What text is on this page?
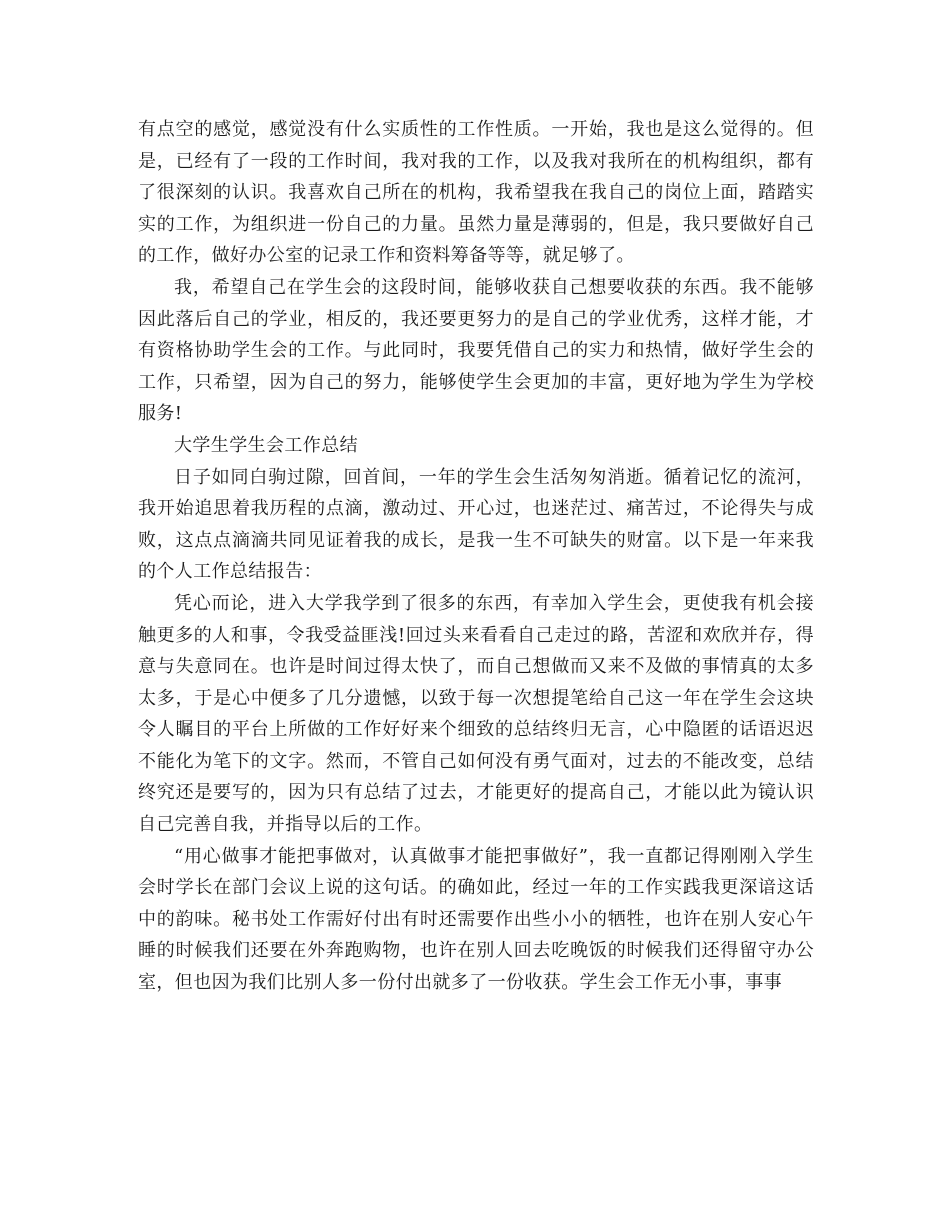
有点空的感觉，感觉没有什么实质性的工作性质。一开始，我也是这么觉得的。但是，已经有了一段的工作时间，我对我的工作，以及我对我所在的机构组织，都有了很深刻的认识。我喜欢自己所在的机构，我希望我在我自己的岗位上面，踏踏实实的工作，为组织进一份自己的力量。虽然力量是薄弱的，但是，我只要做好自己的工作，做好办公室的记录工作和资料筹备等等，就足够了。

我，希望自己在学生会的这段时间，能够收获自己想要收获的东西。我不能够因此落后自己的学业，相反的，我还要更努力的是自己的学业优秀，这样才能，才有资格协助学生会的工作。与此同时，我要凭借自己的实力和热情，做好学生会的工作，只希望，因为自己的努力，能够使学生会更加的丰富，更好地为学生为学校服务!

大学生学生会工作总结

日子如同白驹过隙，回首间，一年的学生会生活匆匆消逝。循着记忆的流河，我开始追思着我历程的点滴，激动过、开心过，也迷茫过、痛苦过，不论得失与成败，这点点滴滴共同见证着我的成长，是我一生不可缺失的财富。以下是一年来我的个人工作总结报告：

凭心而论，进入大学我学到了很多的东西，有幸加入学生会，更使我有机会接触更多的人和事，令我受益匪浅!回过头来看看自己走过的路，苦涩和欢欣并存，得意与失意同在。也许是时间过得太快了，而自己想做而又来不及做的事情真的太多太多，于是心中便多了几分遗憾，以致于每一次想提笔给自己这一年在学生会这块令人瞩目的平台上所做的工作好好来个细致的总结终归无言，心中隐匿的话语迟迟不能化为笔下的文字。然而，不管自己如何没有勇气面对，过去的不能改变，总结终究还是要写的，因为只有总结了过去，才能更好的提高自己，才能以此为镜认识自己完善自我，并指导以后的工作。

“用心做事才能把事做对，认真做事才能把事做好”，我一直都记得刚刚入学生会时学长在部门会议上说的这句话。的确如此，经过一年的工作实践我更深谙这话中的韵味。秘书处工作需好付出有时还需要作出些小小的牺牲，也许在别人安心午睡的时候我们还要在外奔跑购物，也许在别人回去吃晚饭的时候我们还得留守办公室，但也因为我们比别人多一份付出就多了一份收获。学生会工作无小事，事事
